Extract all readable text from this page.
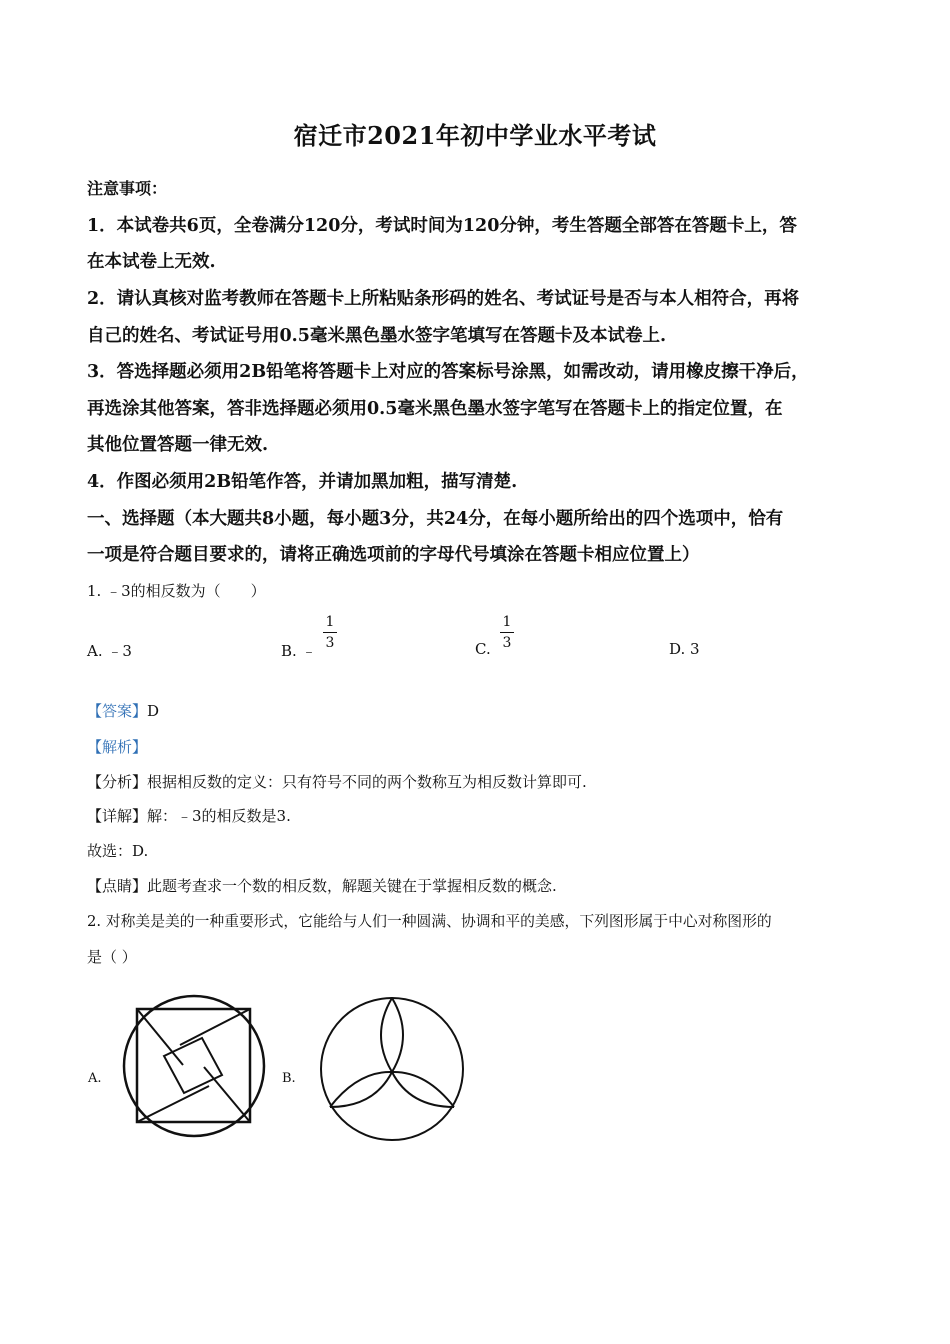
宿迁市2021年初中学业水平考试
注意事项：
1．本试卷共6页，全卷满分120分，考试时间为120分钟，考生答题全部答在答题卡上，答
在本试卷上无效.
2．请认真核对监考教师在答题卡上所粘贴条形码的姓名、考试证号是否与本人相符合，再将
自己的姓名、考试证号用0.5毫米黑色墨水签字笔填写在答题卡及本试卷上.
3．答选择题必须用2B铅笔将答题卡上对应的答案标号涂黑，如需改动，请用橡皮擦干净后，
再选涂其他答案，答非选择题必须用0.5毫米黑色墨水签字笔写在答题卡上的指定位置，在
其他位置答题一律无效.
4．作图必须用2B铅笔作答，并请加黑加粗，描写清楚.
一、选择题（本大题共8小题，每小题3分，共24分，在每小题所给出的四个选项中，恰有
一项是符合题目要求的，请将正确选项前的字母代号填涂在答题卡相应位置上）
1. ﹣3的相反数为（　　）
A. ﹣3	B. ﹣
1
3	C.
1
3	D. 3
【答案】D
【解析】
【分析】根据相反数的定义：只有符号不同的两个数称互为相反数计算即可.
【详解】解：﹣3的相反数是3.
故选：D.
【点睛】此题考查求一个数的相反数，解题关键在于掌握相反数的概念.
2. 对称美是美的一种重要形式，它能给与人们一种圆满、协调和平的美感，下列图形属于中心对称图形的
是（ ）
A.	B.
